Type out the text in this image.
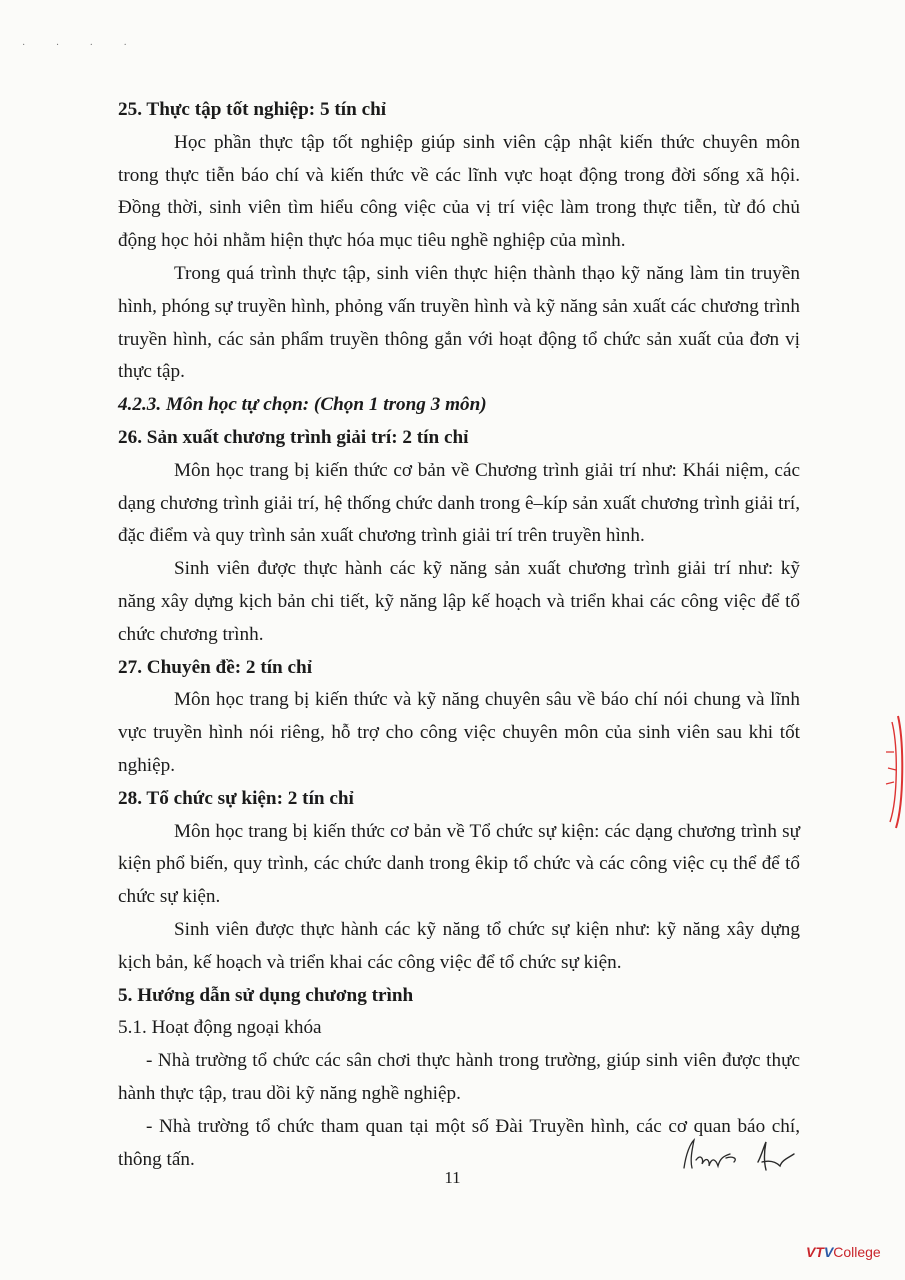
· · · ·

25. Thực tập tốt nghiệp: 5 tín chỉ

Học phần thực tập tốt nghiệp giúp sinh viên cập nhật kiến thức chuyên môn trong thực tiễn báo chí và kiến thức về các lĩnh vực hoạt động trong đời sống xã hội. Đồng thời, sinh viên tìm hiểu công việc của vị trí việc làm trong thực tiễn, từ đó chủ động học hỏi nhằm hiện thực hóa mục tiêu nghề nghiệp của mình.

Trong quá trình thực tập, sinh viên thực hiện thành thạo kỹ năng làm tin truyền hình, phóng sự truyền hình, phỏng vấn truyền hình và kỹ năng sản xuất các chương trình truyền hình, các sản phẩm truyền thông gắn với hoạt động tổ chức sản xuất của đơn vị thực tập.

4.2.3. Môn học tự chọn: (Chọn 1 trong 3 môn)

26. Sản xuất chương trình giải trí: 2 tín chỉ

Môn học trang bị kiến thức cơ bản về Chương trình giải trí như: Khái niệm, các dạng chương trình giải trí, hệ thống chức danh trong ê–kíp sản xuất chương trình giải trí, đặc điểm và quy trình sản xuất chương trình giải trí trên truyền hình.

Sinh viên được thực hành các kỹ năng sản xuất chương trình giải trí như: kỹ năng xây dựng kịch bản chi tiết, kỹ năng lập kế hoạch và triển khai các công việc để tổ chức chương trình.

27. Chuyên đề: 2 tín chỉ

Môn học trang bị kiến thức và kỹ năng chuyên sâu về báo chí nói chung và lĩnh vực truyền hình nói riêng, hỗ trợ cho công việc chuyên môn của sinh viên sau khi tốt nghiệp.

28. Tổ chức sự kiện: 2 tín chỉ

Môn học trang bị kiến thức cơ bản về Tổ chức sự kiện: các dạng chương trình sự kiện phổ biến, quy trình, các chức danh trong êkip tổ chức và các công việc cụ thể để tổ chức sự kiện.

Sinh viên được thực hành các kỹ năng tổ chức sự kiện như: kỹ năng xây dựng kịch bản, kế hoạch và triển khai các công việc để tổ chức sự kiện.

5. Hướng dẫn sử dụng chương trình

5.1. Hoạt động ngoại khóa

- Nhà trường tổ chức các sân chơi thực hành trong trường, giúp sinh viên được thực hành thực tập, trau dồi kỹ năng nghề nghiệp.

- Nhà trường tổ chức tham quan tại một số Đài Truyền hình, các cơ quan báo chí, thông tấn.

11
VTVCollege
